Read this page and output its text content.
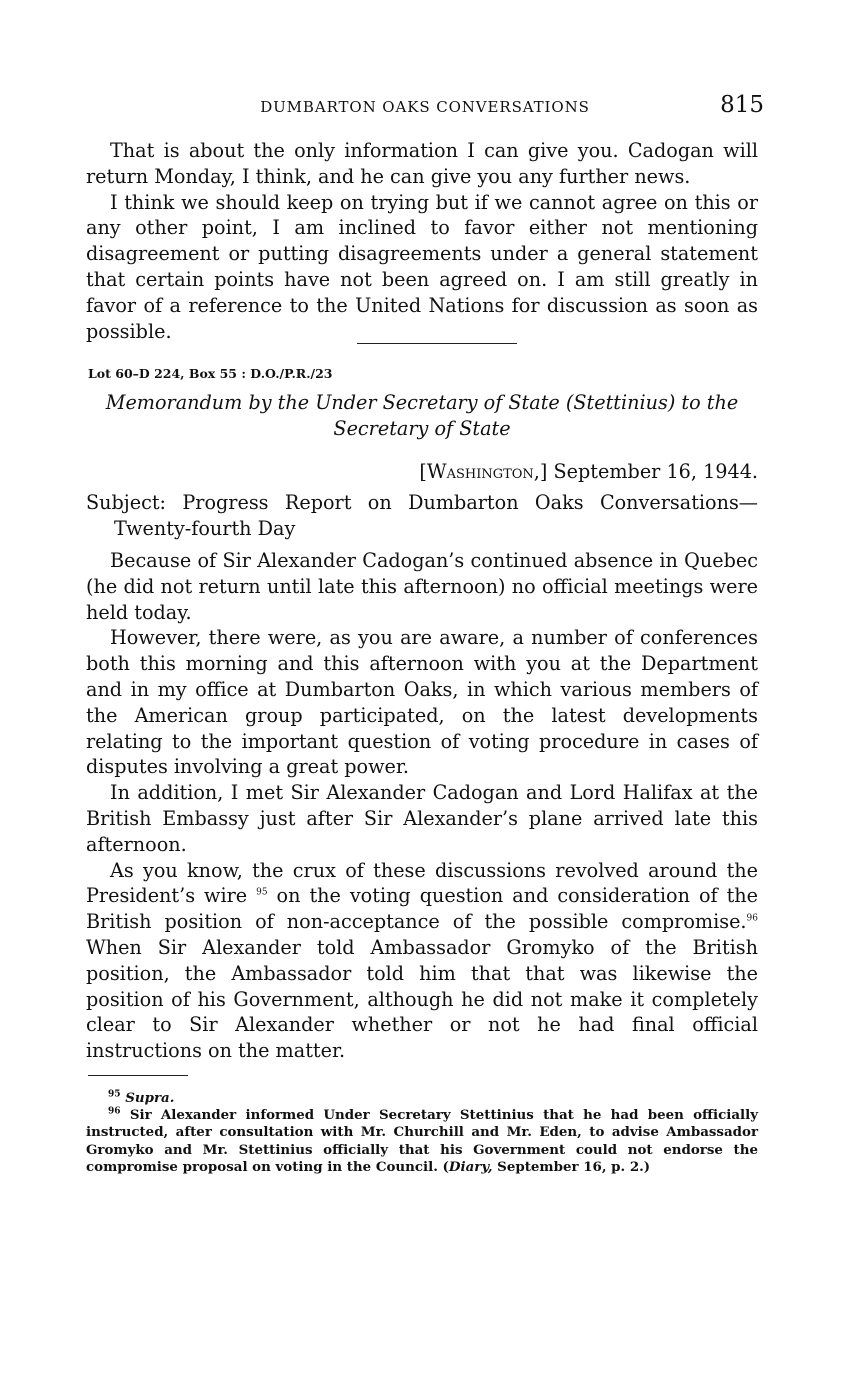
DUMBARTON OAKS CONVERSATIONS	815

That is about the only information I can give you. Cadogan will return Monday, I think, and he can give you any further news.

I think we should keep on trying but if we cannot agree on this or any other point, I am inclined to favor either not mentioning disagreement or putting disagreements under a general statement that certain points have not been agreed on. I am still greatly in favor of a reference to the United Nations for discussion as soon as possible.

Lot 60–D 224, Box 55 : D.O./P.R./23
Memorandum by the Under Secretary of State (Stettinius) to the
Secretary of State
[Washington,] September 16, 1944.
Subject: Progress Report on Dumbarton Oaks Conversations—
Twenty-fourth Day

Because of Sir Alexander Cadogan’s continued absence in Quebec (he did not return until late this afternoon) no official meetings were held today.

However, there were, as you are aware, a number of conferences both this morning and this afternoon with you at the Department and in my office at Dumbarton Oaks, in which various members of the American group participated, on the latest developments relating to the important question of voting procedure in cases of disputes involving a great power.

In addition, I met Sir Alexander Cadogan and Lord Halifax at the British Embassy just after Sir Alexander’s plane arrived late this afternoon.

As you know, the crux of these discussions revolved around the President’s wire $^{95}$ on the voting question and consideration of the British position of non-acceptance of the possible compromise.$^{96}$ When Sir Alexander told Ambassador Gromyko of the British position, the Ambassador told him that that was likewise the position of his Government, although he did not make it completely clear to Sir Alexander whether or not he had final official instructions on the matter.

$^{95}$ Supra.

$^{96}$ Sir Alexander informed Under Secretary Stettinius that he had been officially instructed, after consultation with Mr. Churchill and Mr. Eden, to advise Ambassador Gromyko and Mr. Stettinius officially that his Government could not endorse the compromise proposal on voting in the Council. (Diary, September 16, p. 2.)
